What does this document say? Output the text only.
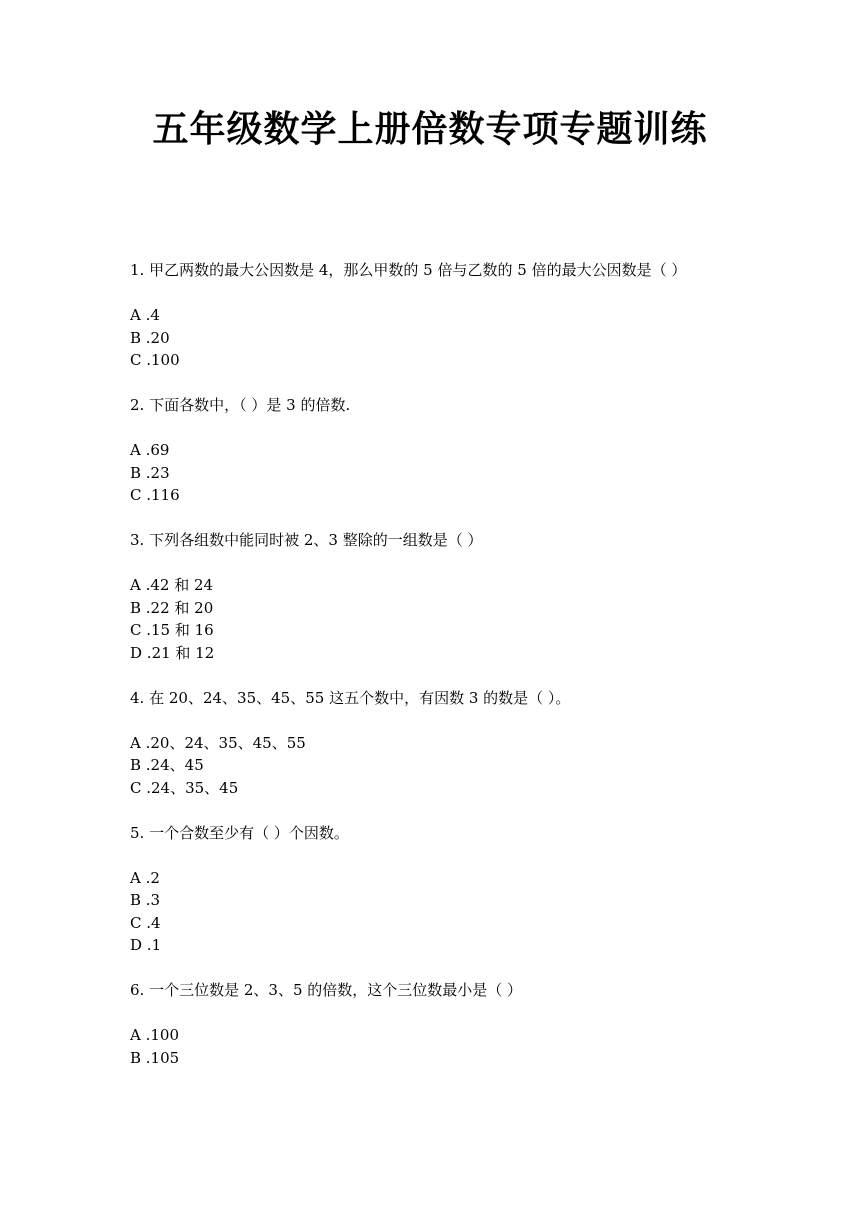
五年级数学上册倍数专项专题训练

1. 甲乙两数的最大公因数是 4，那么甲数的 5 倍与乙数的 5 倍的最大公因数是（ ）

A .4
B .20
C .100

2. 下面各数中，（ ）是 3 的倍数.

A .69
B .23
C .116

3. 下列各组数中能同时被 2、3 整除的一组数是（ ）

A .42 和 24
B .22 和 20
C .15 和 16
D .21 和 12

4. 在 20、24、35、45、55 这五个数中，有因数 3 的数是（ ）。

A .20、24、35、45、55
B .24、45
C .24、35、45

5. 一个合数至少有（ ）个因数。

A .2
B .3
C .4
D .1

6. 一个三位数是 2、3、5 的倍数，这个三位数最小是（ ）

A .100
B .105
